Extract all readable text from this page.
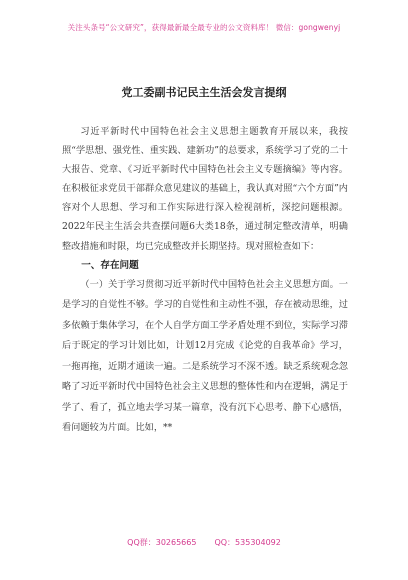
关注头条号“公文研究”，获得最新最全最专业的公文资料库！ 微信：gongwenyj
党工委副书记民主生活会发言提纲

习近平新时代中国特色社会主义思想主题教育开展以来，我按照“学思想、强党性、重实践、建新功”的总要求，系统学习了党的二十大报告、党章、《习近平新时代中国特色社会主义专题摘编》等内容。在积极征求党员干部群众意见建议的基础上，我认真对照“六个方面”内容对个人思想、学习和工作实际进行深入检视剖析，深挖问题根源。2022年民主生活会共查摆问题6大类18条，通过制定整改清单，明确整改措施和时限，均已完成整改并长期坚持。现对照检查如下：

一、存在问题

（一）关于学习贯彻习近平新时代中国特色社会主义思想方面。一是学习的自觉性不够。学习的自觉性和主动性不强，存在被动思维，过多依赖于集体学习，在个人自学方面工学矛盾处理不到位，实际学习滞后于既定的学习计划比如，计划12月完成《论党的自我革命》学习，一拖再拖，近期才通读一遍。二是系统学习不深不透。缺乏系统观念忽略了习近平新时代中国特色社会主义思想的整体性和内在逻辑，满足于学了、看了，孤立地去学习某一篇章，没有沉下心思考、静下心感悟，看问题较为片面。比如，**

QQ群：30265665 QQ：535304092
